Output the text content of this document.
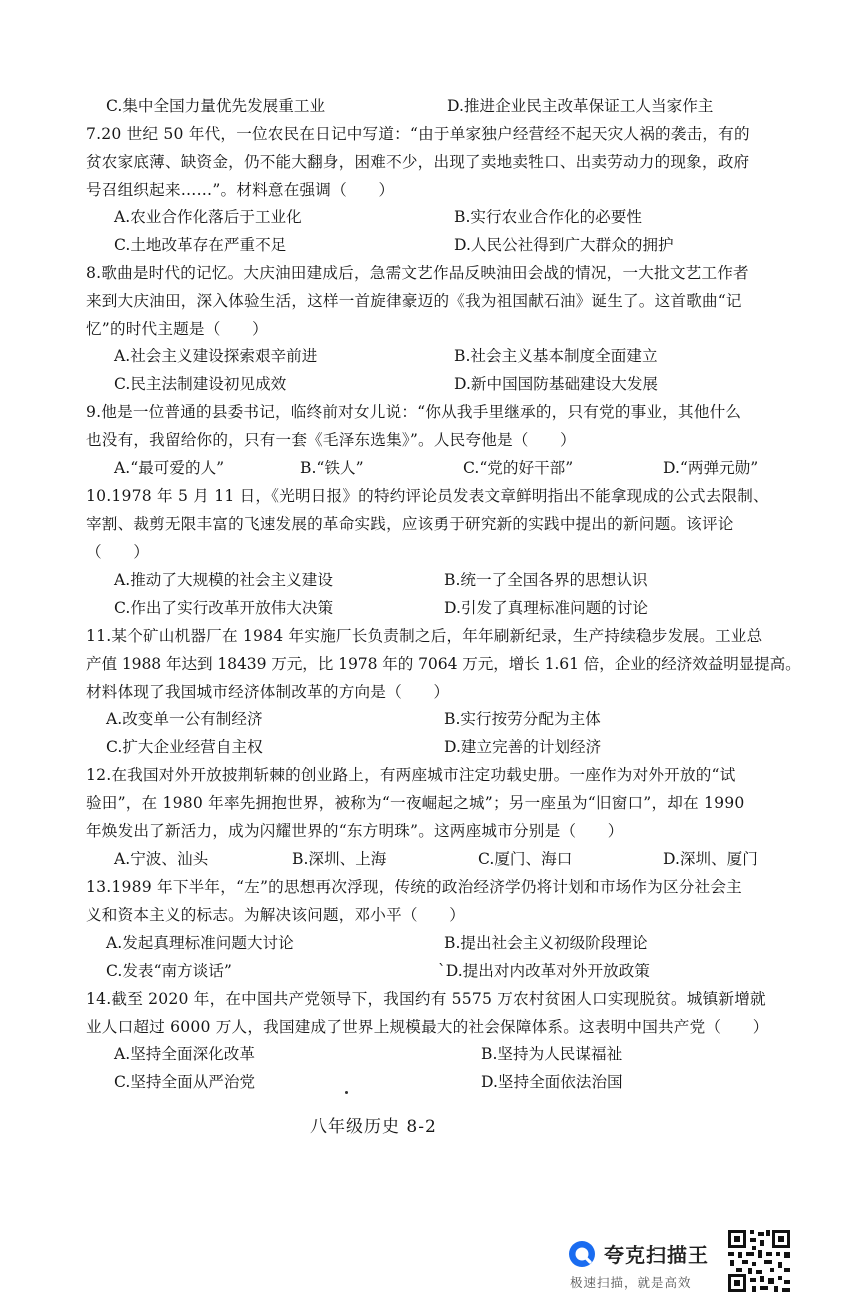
C.集中全国力量优先发展重工业	D.推进企业民主改革保证工人当家作主
7.20 世纪 50 年代，一位农民在日记中写道：“由于单家独户经营经不起天灾人祸的袭击，有的
贫农家底薄、缺资金，仍不能大翻身，困难不少，出现了卖地卖牲口、出卖劳动力的现象，政府
号召组织起来……”。材料意在强调（　　）
A.农业合作化落后于工业化	B.实行农业合作化的必要性
C.土地改革存在严重不足	D.人民公社得到广大群众的拥护
8.歌曲是时代的记忆。大庆油田建成后，急需文艺作品反映油田会战的情况，一大批文艺工作者
来到大庆油田，深入体验生活，这样一首旋律豪迈的《我为祖国献石油》诞生了。这首歌曲“记
忆”的时代主题是（　　）
A.社会主义建设探索艰辛前进	B.社会主义基本制度全面建立
C.民主法制建设初见成效	D.新中国国防基础建设大发展
9.他是一位普通的县委书记，临终前对女儿说：“你从我手里继承的，只有党的事业，其他什么
也没有，我留给你的，只有一套《毛泽东选集》”。人民夸他是（　　）
A.“最可爱的人”	B.“铁人”	C.“党的好干部”	D.“两弹元勋”
10.1978 年 5 月 11 日，《光明日报》的特约评论员发表文章鲜明指出不能拿现成的公式去限制、
宰割、裁剪无限丰富的飞速发展的革命实践，应该勇于研究新的实践中提出的新问题。该评论
（　　）
A.推动了大规模的社会主义建设	B.统一了全国各界的思想认识
C.作出了实行改革开放伟大决策	D.引发了真理标准问题的讨论
11.某个矿山机器厂在 1984 年实施厂长负责制之后，年年刷新纪录，生产持续稳步发展。工业总
产值 1988 年达到 18439 万元，比 1978 年的 7064 万元，增长 1.61 倍，企业的经济效益明显提高。
材料体现了我国城市经济体制改革的方向是（　　）
A.改变单一公有制经济	B.实行按劳分配为主体
C.扩大企业经营自主权	D.建立完善的计划经济
12.在我国对外开放披荆斩棘的创业路上，有两座城市注定功载史册。一座作为对外开放的“试
验田”，在 1980 年率先拥抱世界，被称为“一夜崛起之城”；另一座虽为“旧窗口”，却在 1990
年焕发出了新活力，成为闪耀世界的“东方明珠”。这两座城市分别是（　　）
A.宁波、汕头	B.深圳、上海	C.厦门、海口	D.深圳、厦门
13.1989 年下半年，“左”的思想再次浮现，传统的政治经济学仍将计划和市场作为区分社会主
义和资本主义的标志。为解决该问题，邓小平（　　）
A.发起真理标准问题大讨论	B.提出社会主义初级阶段理论
C.发表“南方谈话”	`D.提出对内改革对外开放政策
14.截至 2020 年，在中国共产党领导下，我国约有 5575 万农村贫困人口实现脱贫。城镇新增就
业人口超过 6000 万人，我国建成了世界上规模最大的社会保障体系。这表明中国共产党（　　）
A.坚持全面深化改革	B.坚持为人民谋福祉
C.坚持全面从严治党	D.坚持全面依法治国
八年级历史 8-2
夸克扫描王
极速扫描，就是高效
